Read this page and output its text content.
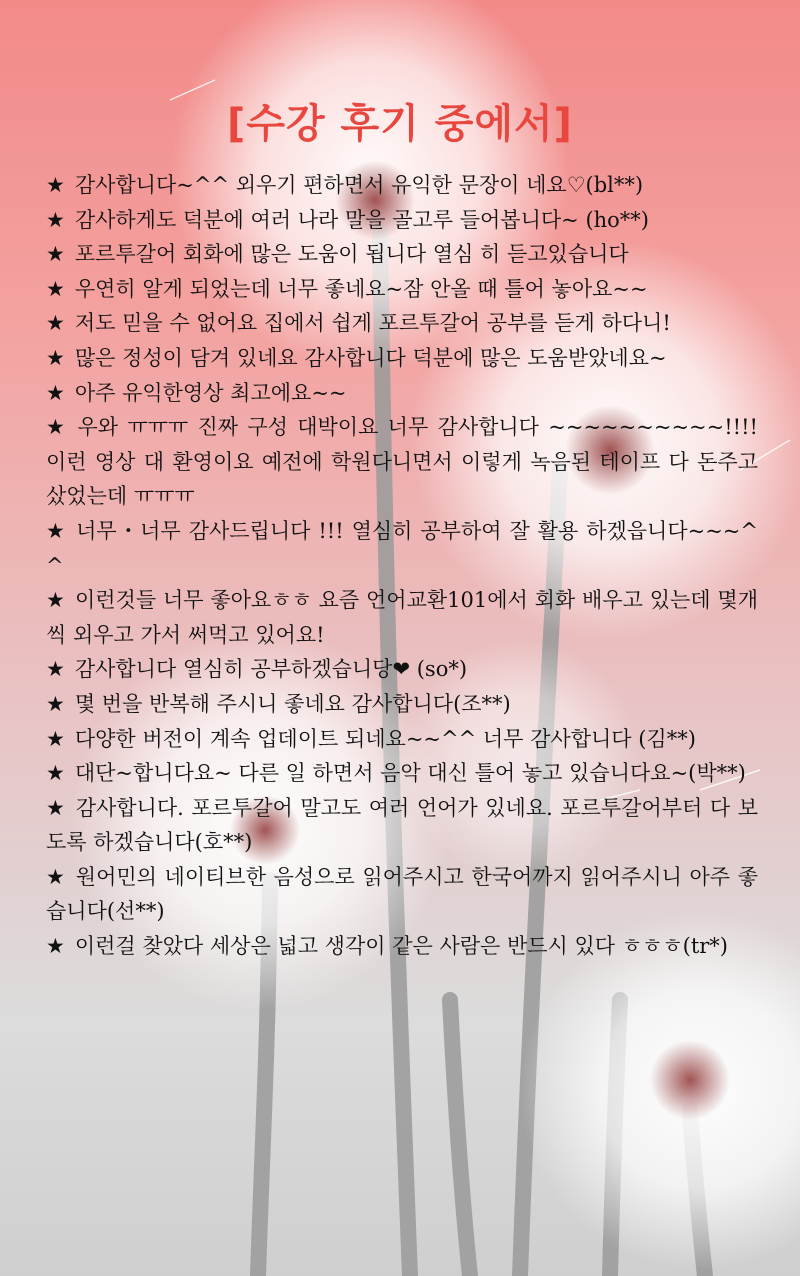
[수강 후기 중에서]
★ 감사합니다~^^ 외우기 편하면서 유익한 문장이 네요♡(bl**)
★ 감사하게도 덕분에 여러 나라 말을 골고루 들어봅니다~ (ho**)
★ 포르투갈어 회화에 많은 도움이 됩니다 열심 히 듣고있습니다
★ 우연히 알게 되었는데 너무 좋네요~잠 안올 때 틀어 놓아요~~
★ 저도 믿을 수 없어요 집에서 쉽게 포르투갈어 공부를 듣게 하다니!
★ 많은 정성이 담겨 있네요 감사합니다 덕분에 많은 도움받았네요~
★ 아주 유익한영상 최고에요~~
★ 우와 ㅠㅠㅠ 진짜 구성 대박이요 너무 감사합니다 ~~~~~~~~~~!!!! 이런 영상 대 환영이요 예전에 학원다니면서 이렇게 녹음된 테이프 다 돈주고 샀었는데 ㅠㅠㅠ
★ 너무・너무 감사드립니다 !!! 열심히 공부하여 잘 활용 하겠읍니다~~~^^
★ 이런것들 너무 좋아요ㅎㅎ 요즘 언어교환101에서 회화 배우고 있는데 몇개씩 외우고 가서 써먹고 있어요!
★ 감사합니다 열심히 공부하겠습니당❤ (so*)
★ 몇 번을 반복해 주시니 좋네요 감사합니다(조**)
★ 다양한 버전이 계속 업데이트 되네요~~^^ 너무 감사합니다 (김**)
★ 대단~합니다요~ 다른 일 하면서 음악 대신 틀어 놓고 있습니다요~(박**)
★ 감사합니다. 포르투갈어 말고도 여러 언어가 있네요. 포르투갈어부터 다 보도록 하겠습니다(호**)
★ 원어민의 네이티브한 음성으로 읽어주시고 한국어까지 읽어주시니 아주 좋습니다(선**)
★ 이런걸 찾았다 세상은 넓고 생각이 같은 사람은 반드시 있다 ㅎㅎㅎ(tr*)
